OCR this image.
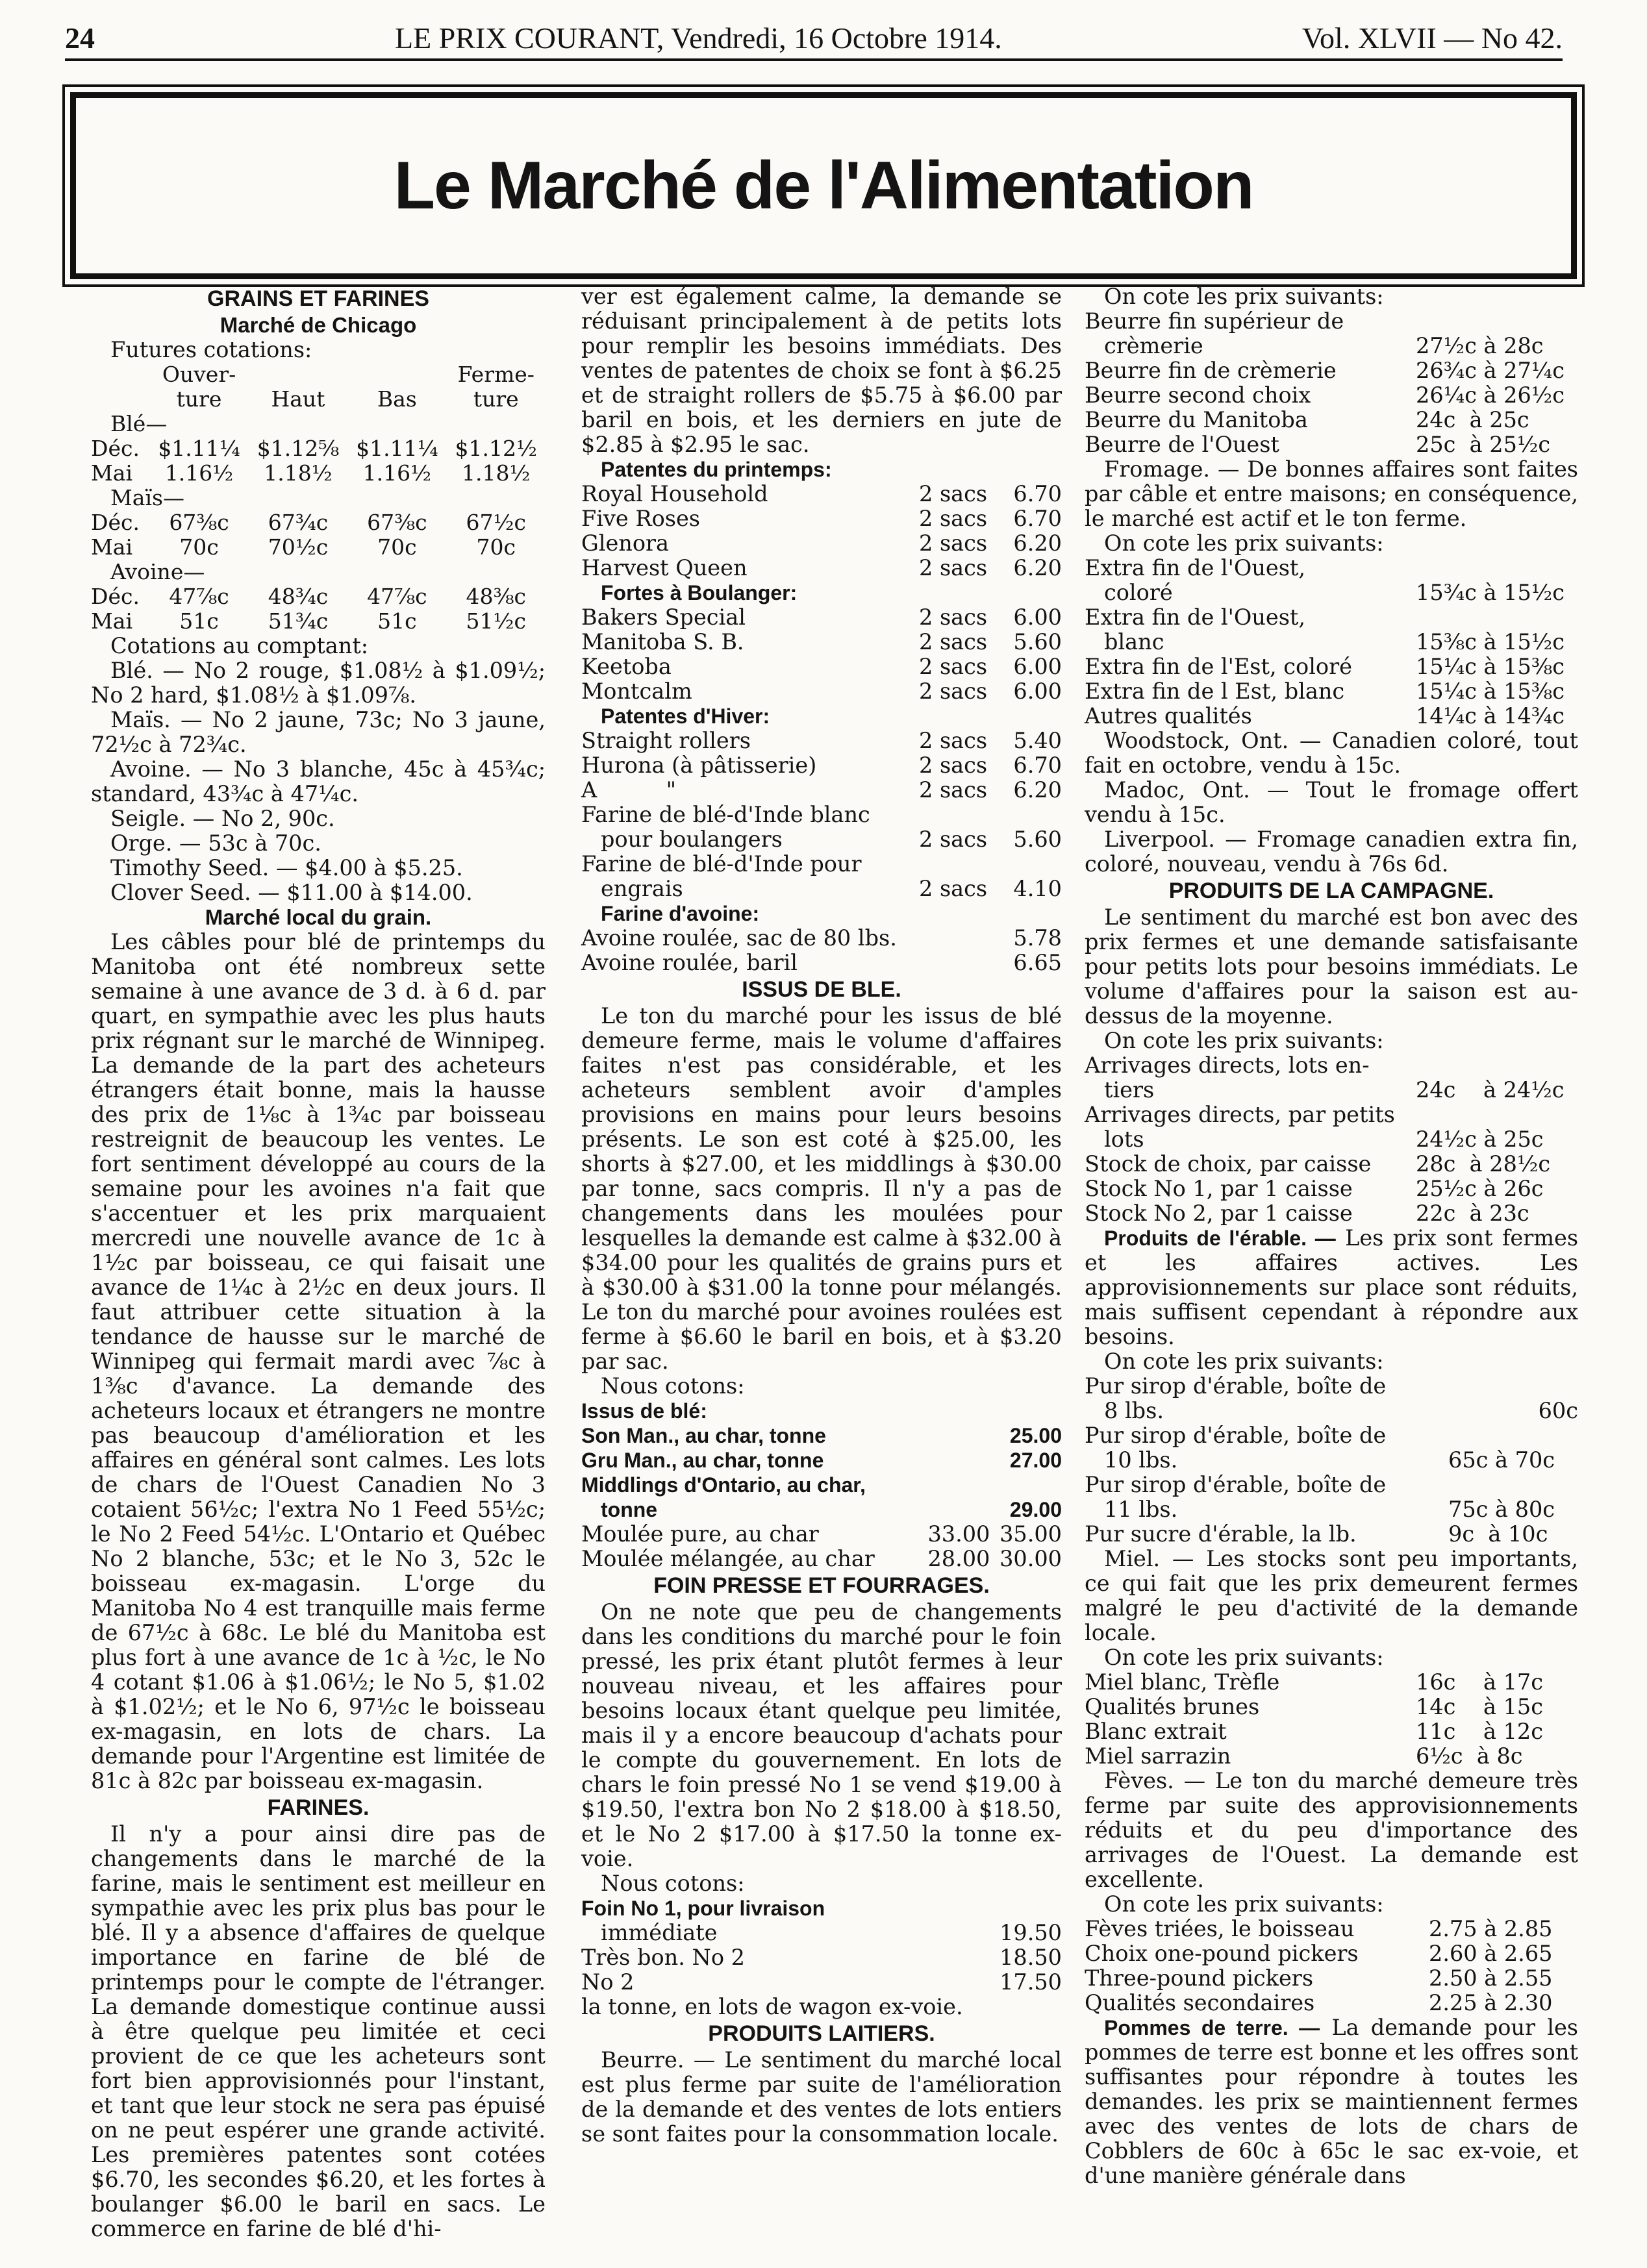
24	LE PRIX COURANT, Vendredi, 16 Octobre 1914.	Vol. XLVII — No 42.
Le Marché de l'Alimentation
GRAINS ET FARINES
Marché de Chicago
Futures cotations:
	Ouver-
ture	Haut	Bas	Ferme-
ture
Blé—				
Déc.	$1.11¼	$1.12⅝	$1.11¼	$1.12½
Mai	1.16½	1.18½	1.16½	1.18½
Maïs—				
Déc.	67⅜c	67¾c	67⅜c	67½c
Mai	70c	70½c	70c	70c
Avoine—				
Déc.	47⅞c	48¾c	47⅞c	48⅜c
Mai	51c	51¾c	51c	51½c
Cotations au comptant:

Blé. — No 2 rouge, $1.08½ à $1.09½; No 2 hard, $1.08½ à $1.09⅞.

Maïs. — No 2 jaune, 73c; No 3 jaune, 72½c à 72¾c.

Avoine. — No 3 blanche, 45c à 45¾c; standard, 43¾c à 47¼c.

Seigle. — No 2, 90c.

Orge. — 53c à 70c.

Timothy Seed. — $4.00 à $5.25.

Clover Seed. — $11.00 à $14.00.

Marché local du grain.

Les câbles pour blé de printemps du Manitoba ont été nombreux sette semaine à une avance de 3 d. à 6 d. par quart, en sympathie avec les plus hauts prix régnant sur le marché de Winnipeg. La demande de la part des acheteurs étrangers était bonne, mais la hausse des prix de 1⅛c à 1¾c par boisseau restreignit de beaucoup les ventes. Le fort sentiment développé au cours de la semaine pour les avoines n'a fait que s'accentuer et les prix marquaient mercredi une nouvelle avance de 1c à 1½c par boisseau, ce qui faisait une avance de 1¼c à 2½c en deux jours. Il faut attribuer cette situation à la tendance de hausse sur le marché de Winnipeg qui fermait mardi avec ⅞c à 1⅜c d'avance. La demande des acheteurs locaux et étrangers ne montre pas beaucoup d'amélioration et les affaires en général sont calmes. Les lots de chars de l'Ouest Canadien No 3 cotaient 56½c; l'extra No 1 Feed 55½c; le No 2 Feed 54½c. L'Ontario et Québec No 2 blanche, 53c; et le No 3, 52c le boisseau ex-magasin. L'orge du Manitoba No 4 est tranquille mais ferme de 67½c à 68c. Le blé du Manitoba est plus fort à une avance de 1c à ½c, le No 4 cotant $1.06 à $1.06½; le No 5, $1.02 à $1.02½; et le No 6, 97½c le boisseau ex-magasin, en lots de chars. La demande pour l'Argentine est limitée de 81c à 82c par boisseau ex-magasin.

FARINES.

Il n'y a pour ainsi dire pas de changements dans le marché de la farine, mais le sentiment est meilleur en sympathie avec les prix plus bas pour le blé. Il y a absence d'affaires de quelque importance en farine de blé de printemps pour le compte de l'étranger. La demande domestique continue aussi à être quelque peu limitée et ceci provient de ce que les acheteurs sont fort bien approvisionnés pour l'instant, et tant que leur stock ne sera pas épuisé on ne peut espérer une grande activité. Les premières patentes sont cotées $6.70, les secondes $6.20, et les fortes à boulanger $6.00 le baril en sacs. Le commerce en farine de blé d'hi-

ver est également calme, la demande se réduisant principalement à de petits lots pour remplir les besoins immédiats. Des ventes de patentes de choix se font à $6.25 et de straight rollers de $5.75 à $6.00 par baril en bois, et les derniers en jute de $2.85 à $2.95 le sac.

Patentes du printemps:
Royal Household	2 sacs 6.70
Five Roses	2 sacs 6.70
Glenora	2 sacs 6.20
Harvest Queen	2 sacs 6.20
Fortes à Boulanger:
Bakers Special	2 sacs 6.00
Manitoba S. B.	2 sacs 5.60
Keetoba	2 sacs 6.00
Montcalm	2 sacs 6.00
Patentes d'Hiver:
Straight rollers	2 sacs 5.40
Hurona (à pâtisserie)	2 sacs 6.70
A          "	2 sacs 6.20
Farine de blé-d'Inde blanc
pour boulangers	2 sacs 5.60
Farine de blé-d'Inde pour
engrais	2 sacs 4.10
Farine d'avoine:
Avoine roulée, sac de 80 lbs.	5.78
Avoine roulée, baril	6.65
ISSUS DE BLE.

Le ton du marché pour les issus de blé demeure ferme, mais le volume d'affaires faites n'est pas considérable, et les acheteurs semblent avoir d'amples provisions en mains pour leurs besoins présents. Le son est coté à $25.00, les shorts à $27.00, et les middlings à $30.00 par tonne, sacs compris. Il n'y a pas de changements dans les moulées pour lesquelles la demande est calme à $32.00 à $34.00 pour les qualités de grains purs et à $30.00 à $31.00 la tonne pour mélangés. Le ton du marché pour avoines roulées est ferme à $6.60 le baril en bois, et à $3.20 par sac.

Nous cotons:
Issus de blé:
Son Man., au char, tonne	25.00
Gru Man., au char, tonne	27.00
Middlings d'Ontario, au char,
tonne	29.00
Moulée pure, au char	33.00 35.00
Moulée mélangée, au char	28.00 30.00
FOIN PRESSE ET FOURRAGES.

On ne note que peu de changements dans les conditions du marché pour le foin pressé, les prix étant plutôt fermes à leur nouveau niveau, et les affaires pour besoins locaux étant quelque peu limitée, mais il y a encore beaucoup d'achats pour le compte du gouvernement. En lots de chars le foin pressé No 1 se vend $19.00 à $19.50, l'extra bon No 2 $18.00 à $18.50, et le No 2 $17.00 à $17.50 la tonne ex-voie.

Nous cotons:
Foin No 1, pour livraison
immédiate	19.50
Très bon. No 2	18.50
No 2	17.50
la tonne, en lots de wagon ex-voie.
PRODUITS LAITIERS.

Beurre. — Le sentiment du marché local est plus ferme par suite de l'amélioration de la demande et des ventes de lots entiers se sont faites pour la consommation locale.

On cote les prix suivants:
Beurre fin supérieur de
crèmerie	27½c à 28c
Beurre fin de crèmerie	26¾c à 27¼c
Beurre second choix	26¼c à 26½c
Beurre du Manitoba	24c  à 25c
Beurre de l'Ouest	25c  à 25½c

Fromage. — De bonnes affaires sont faites par câble et entre maisons; en conséquence, le marché est actif et le ton ferme.

On cote les prix suivants:
Extra fin de l'Ouest,
coloré	15¾c à 15½c
Extra fin de l'Ouest,
blanc	15⅜c à 15½c
Extra fin de l'Est, coloré	15¼c à 15⅜c
Extra fin de l Est, blanc	15¼c à 15⅜c
Autres qualités	14¼c à 14¾c

Woodstock, Ont. — Canadien coloré, tout fait en octobre, vendu à 15c.

Madoc, Ont. — Tout le fromage offert vendu à 15c.

Liverpool. — Fromage canadien extra fin, coloré, nouveau, vendu à 76s 6d.

PRODUITS DE LA CAMPAGNE.

Le sentiment du marché est bon avec des prix fermes et une demande satisfaisante pour petits lots pour besoins immédiats. Le volume d'affaires pour la saison est au-dessus de la moyenne.

On cote les prix suivants:
Arrivages directs, lots en-
tiers	24c    à 24½c
Arrivages directs, par petits
lots	24½c à 25c
Stock de choix, par caisse 28c  à 28½c
Stock No 1, par 1 caisse	25½c à 26c
Stock No 2, par 1 caisse	22c  à 23c

Produits de l'érable. — Les prix sont fermes et les affaires actives. Les approvisionnements sur place sont réduits, mais suffisent cependant à répondre aux besoins.

On cote les prix suivants:
Pur sirop d'érable, boîte de
8 lbs.	60c
Pur sirop d'érable, boîte de
10 lbs.	65c à 70c
Pur sirop d'érable, boîte de
11 lbs.	75c à 80c
Pur sucre d'érable, la lb.	9c  à 10c

Miel. — Les stocks sont peu importants, ce qui fait que les prix demeurent fermes malgré le peu d'activité de la demande locale.

On cote les prix suivants:
Miel blanc, Trèfle	16c    à 17c
Qualités brunes	14c    à 15c
Blanc extrait	11c    à 12c
Miel sarrazin	6½c  à 8c

Fèves. — Le ton du marché demeure très ferme par suite des approvisionnements réduits et du peu d'importance des arrivages de l'Ouest. La demande est excellente.

On cote les prix suivants:
Fèves triées, le boisseau	2.75 à 2.85
Choix one-pound pickers	2.60 à 2.65
Three-pound pickers	2.50 à 2.55
Qualités secondaires	2.25 à 2.30

Pommes de terre. — La demande pour les pommes de terre est bonne et les offres sont suffisantes pour répondre à toutes les demandes. les prix se maintiennent fermes avec des ventes de lots de chars de Cobblers de 60c à 65c le sac ex-voie, et d'une manière générale dans
